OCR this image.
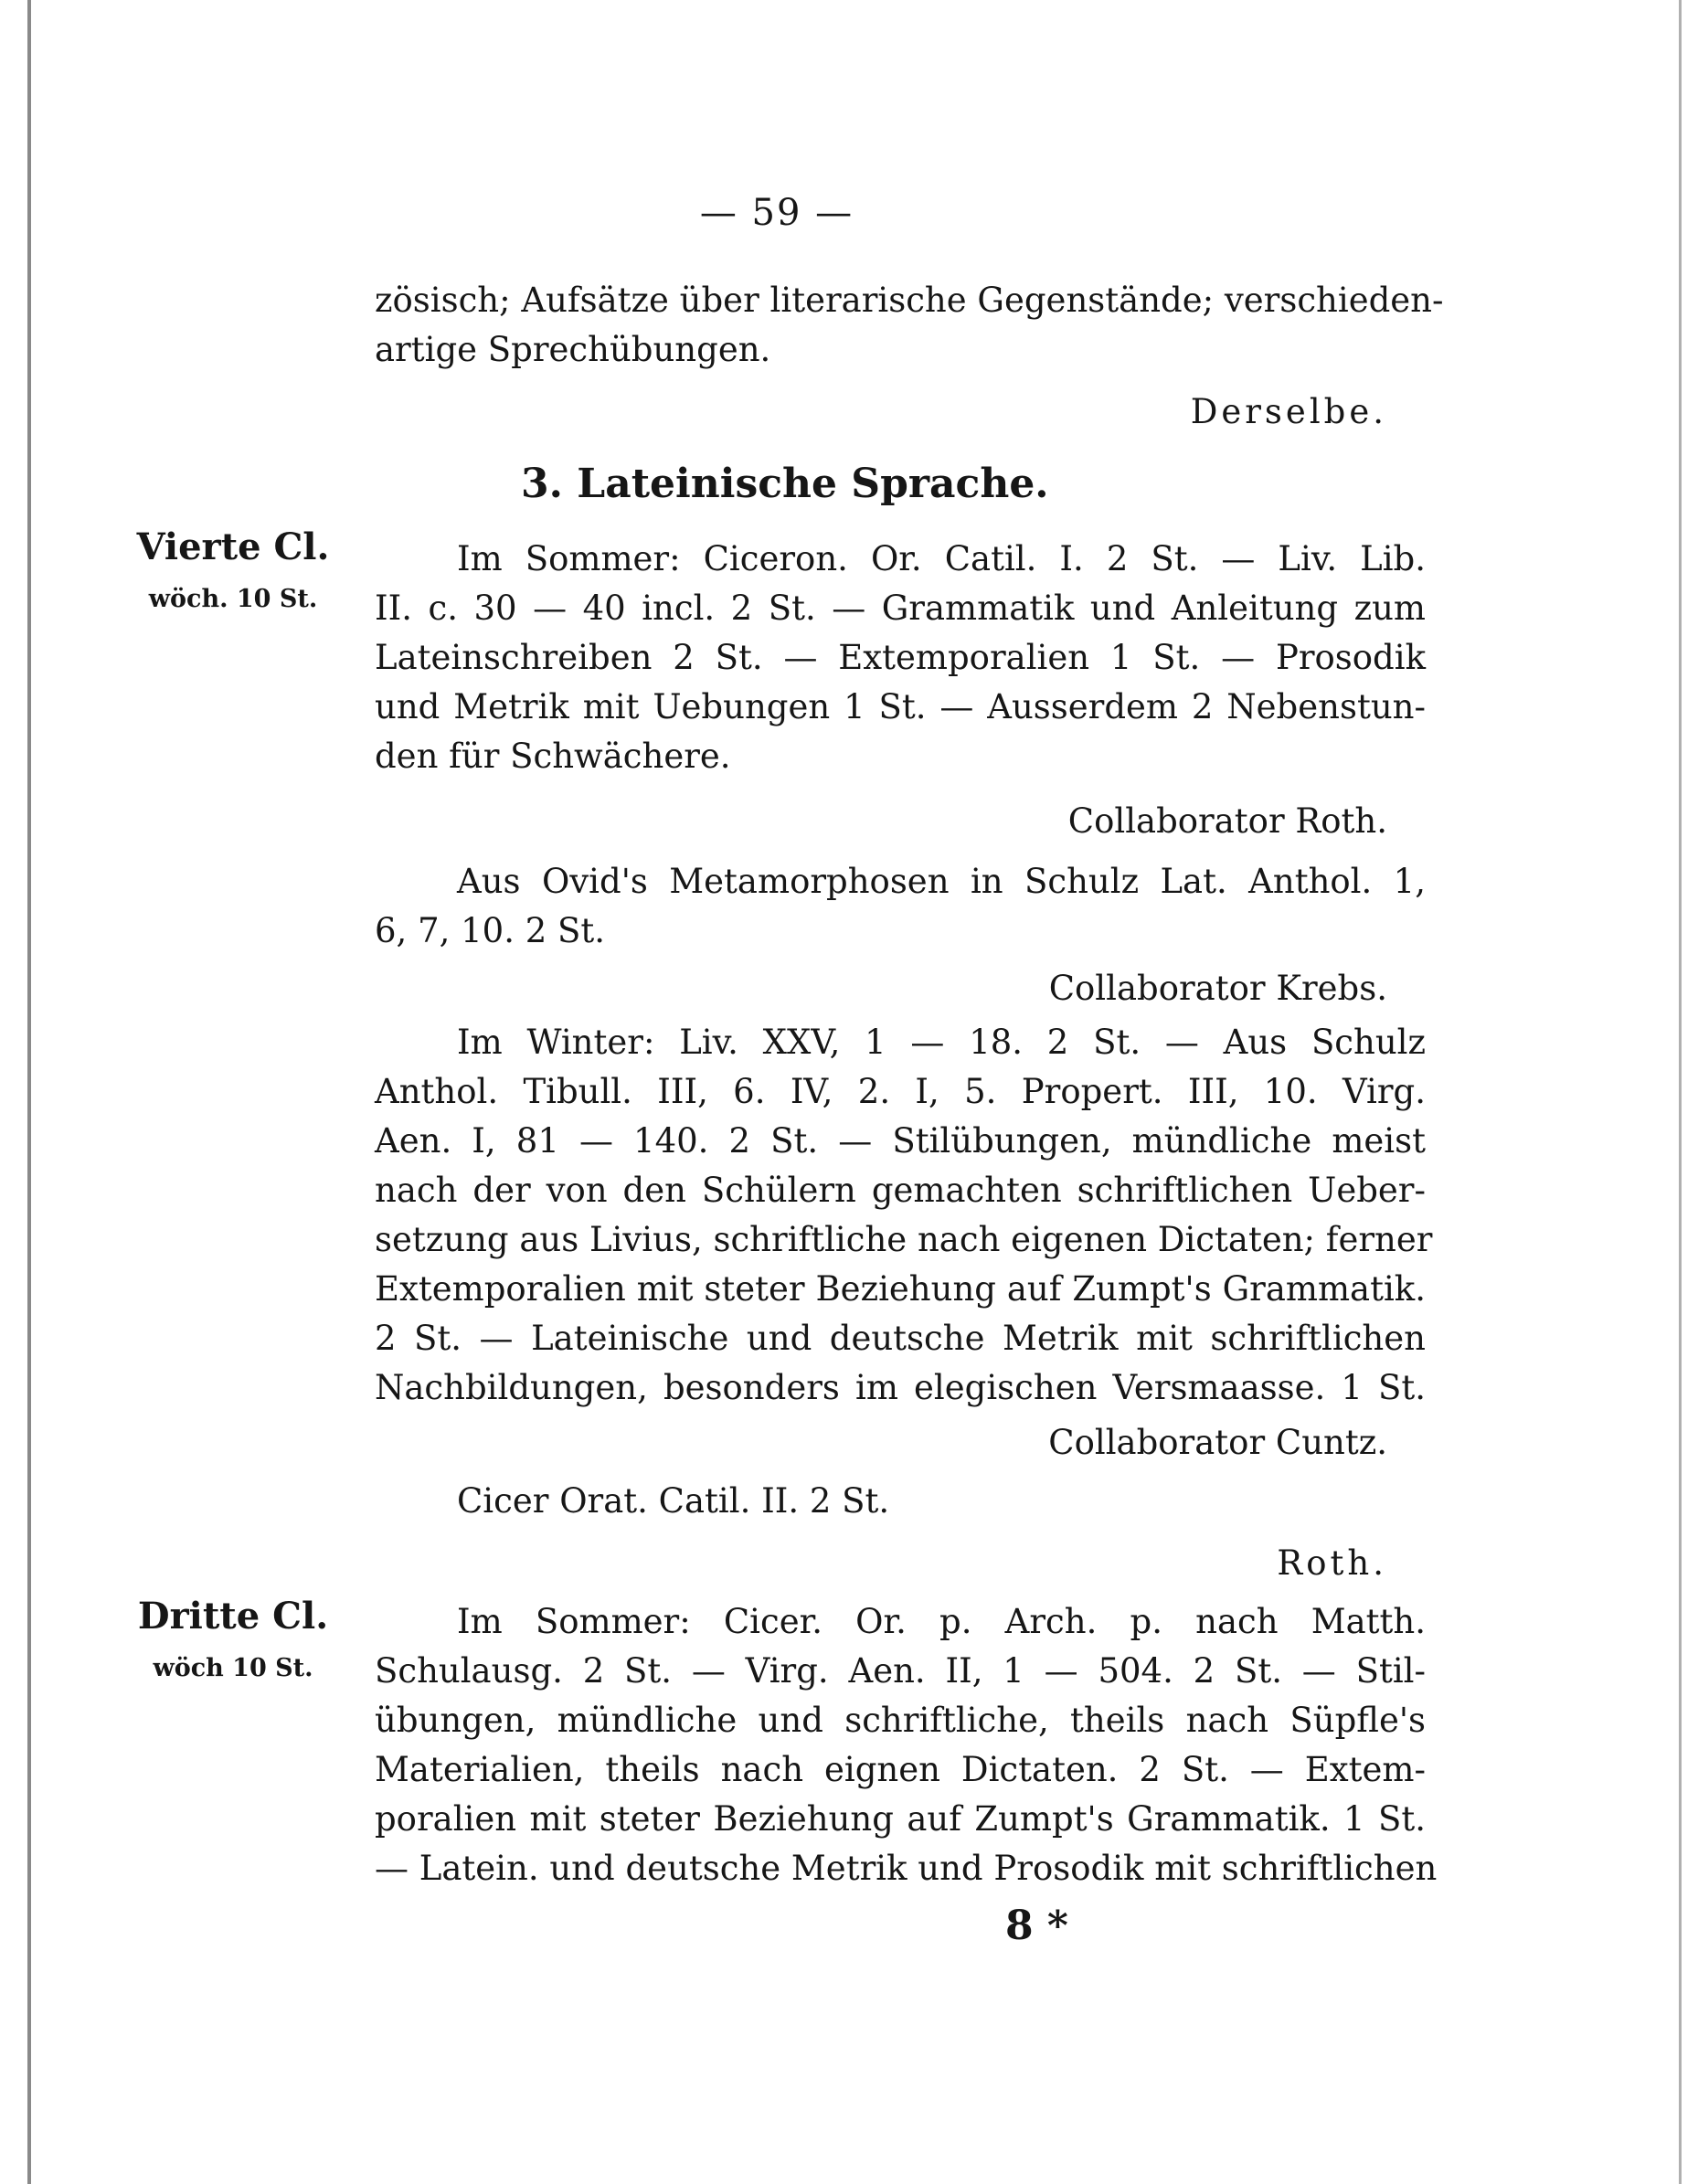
— 59 —
zösisch; Aufsätze über literarische Gegenstände; verschieden-
artige Sprechübungen.
Derselbe.
3. Lateinische Sprache.
Vierte Cl.
wöch. 10 St.
Im Sommer: Ciceron. Or. Catil. I. 2 St. — Liv. Lib.
II. c. 30 — 40 incl. 2 St. — Grammatik und Anleitung zum
Lateinschreiben 2 St. — Extemporalien 1 St. — Prosodik
und Metrik mit Uebungen 1 St. — Ausserdem 2 Nebenstun-
den für Schwächere.
Collaborator Roth.
Aus Ovid's Metamorphosen in Schulz Lat. Anthol. 1,
6, 7, 10. 2 St.
Collaborator Krebs.
Im Winter: Liv. XXV, 1 — 18. 2 St. — Aus Schulz
Anthol. Tibull. III, 6. IV, 2. I, 5. Propert. III, 10. Virg.
Aen. I, 81 — 140. 2 St. — Stilübungen, mündliche meist
nach der von den Schülern gemachten schriftlichen Ueber-
setzung aus Livius, schriftliche nach eigenen Dictaten; ferner
Extemporalien mit steter Beziehung auf Zumpt's Grammatik.
2 St. — Lateinische und deutsche Metrik mit schriftlichen
Nachbildungen, besonders im elegischen Versmaasse. 1 St.
Collaborator Cuntz.
Cicer Orat. Catil. II. 2 St.
Roth.
Dritte Cl.
wöch 10 St.
Im Sommer: Cicer. Or. p. Arch. p. nach Matth.
Schulausg. 2 St. — Virg. Aen. II, 1 — 504. 2 St. — Stil-
übungen, mündliche und schriftliche, theils nach Süpfle's
Materialien, theils nach eignen Dictaten. 2 St. — Extem-
poralien mit steter Beziehung auf Zumpt's Grammatik. 1 St.
— Latein. und deutsche Metrik und Prosodik mit schriftlichen
8 *
